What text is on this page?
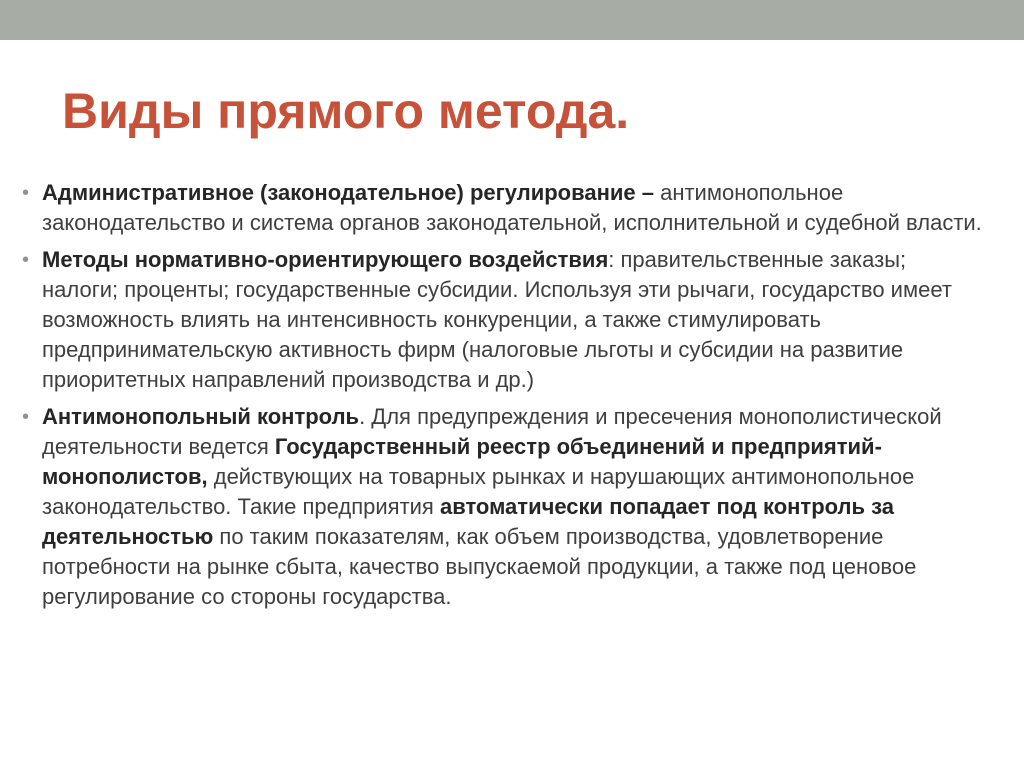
Виды прямого метода.
• Административное (законодательное) регулирование – антимонопольное законодательство и система органов законодательной, исполнительной и судебной власти.
• Методы нормативно-ориентирующего воздействия: правительственные заказы; налоги; проценты; государственные субсидии. Используя эти рычаги, государство имеет возможность влиять на интенсивность конкуренции, а также стимулировать предпринимательскую активность фирм (налоговые льготы и субсидии на развитие приоритетных направлений производства и др.)
• Антимонопольный контроль. Для предупреждения и пресечения монополистической деятельности ведется Государственный реестр объединений и предприятий-монополистов, действующих на товарных рынках и нарушающих антимонопольное законодательство. Такие предприятия автоматически попадает под контроль за деятельностью по таким показателям, как объем производства, удовлетворение потребности на рынке сбыта, качество выпускаемой продукции, а также под ценовое регулирование со стороны государства.
